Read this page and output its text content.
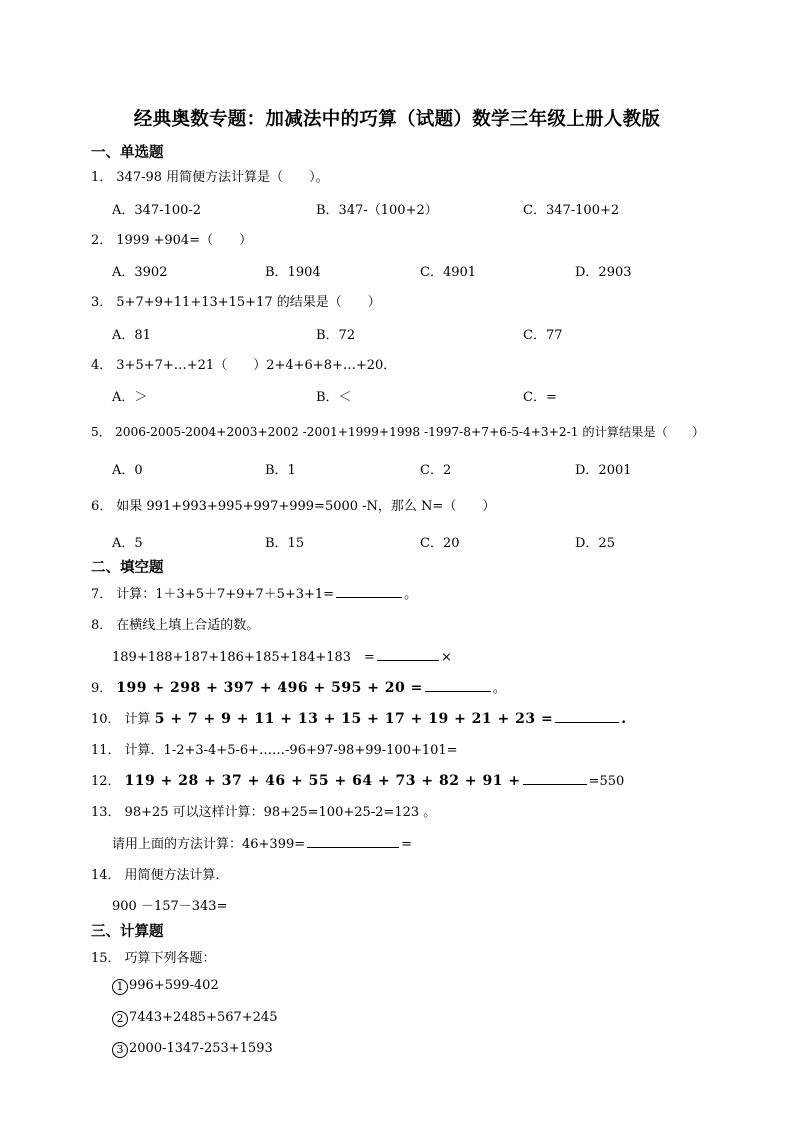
经典奥数专题：加减法中的巧算（试题）数学三年级上册人教版
一、单选题
1． 347-98 用简便方法计算是（　　）。
A．347-100-2	B．347-（100+2）	C．347-100+2
2． 1999 +904=（　　）
A．3902	B．1904	C．4901	D．2903
3． 5+7+9+11+13+15+17 的结果是（　　）
A．81	B．72	C．77
4． 3+5+7+…+21（　　）2+4+6+8+…+20．
A．＞	B．＜	C．=
5． 2006-2005-2004+2003+2002 -2001+1999+1998 -1997-8+7+6-5-4+3+2-1 的计算结果是（　　）
A．0	B．1	C．2	D．2001
6． 如果 991+993+995+997+999=5000 -N，那么 N=（　　）
A．5	B．15	C．20	D．25
二、填空题
7． 计算：1＋3+5＋7+9+7＋5+3+1=	。
8． 在横线上填上合适的数。
189+188+187+186+185+184+183　=	×
9． 199 + 298 + 397 + 496 + 595 + 20 =	。
10． 计算 5 + 7 + 9 + 11 + 13 + 15 + 17 + 19 + 21 + 23 =	.
11． 计算．1-2+3-4+5-6+……-96+97-98+99-100+101=
12． 119 + 28 + 37 + 46 + 55 + 64 + 73 + 82 + 91 +	=550
13． 98+25 可以这样计算：98+25=100+25-2=123 。
请用上面的方法计算：46+399=	=
14． 用简便方法计算．
900 －157－343=
三、计算题
15． 巧算下列各题：
1 996+599-402
2 7443+2485+567+245
3 2000-1347-253+1593
